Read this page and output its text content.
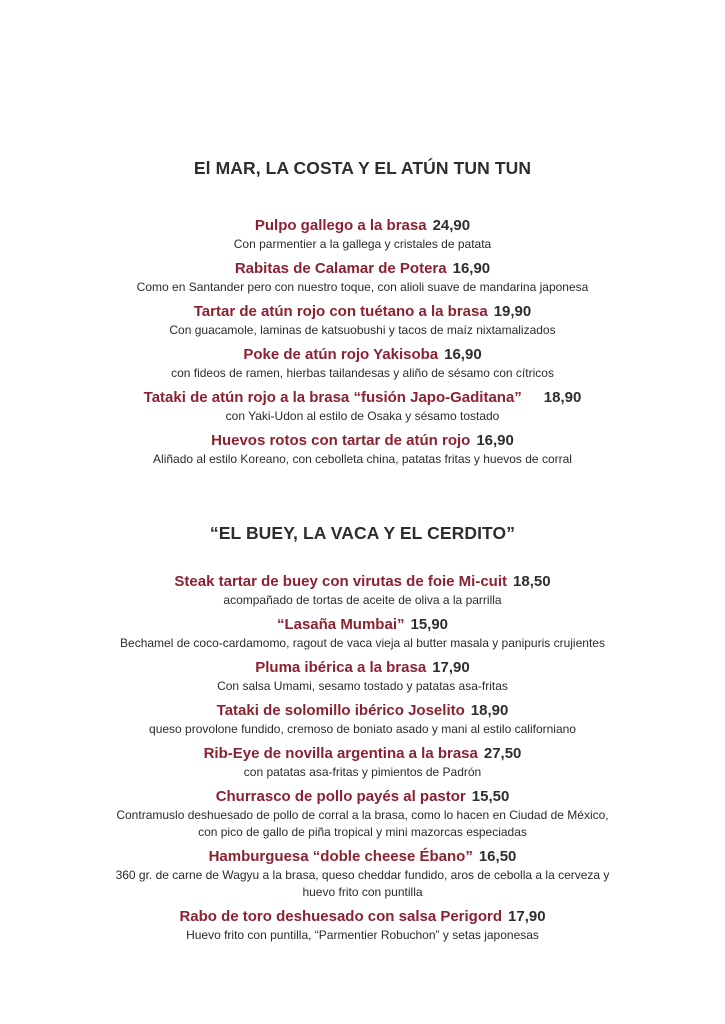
El MAR, LA COSTA Y EL ATÚN TUN TUN
Pulpo gallego a la brasa 24,90
Con parmentier a la gallega y cristales de patata
Rabitas de Calamar de Potera 16,90
Como en Santander pero con nuestro toque, con alioli suave de mandarina japonesa
Tartar de atún rojo con tuétano a la brasa 19,90
Con guacamole, laminas de katsuobushi y tacos de maíz nixtamalizados
Poke de atún rojo Yakisoba 16,90
con fideos de ramen, hierbas tailandesas y aliño de sésamo con cítricos
Tataki de atún rojo a la brasa “fusión Japo-Gaditana” 18,90
con Yaki-Udon al estilo de Osaka y sésamo tostado
Huevos rotos con tartar de atún rojo 16,90
Aliñado al estilo Koreano, con cebolleta china, patatas fritas y huevos de corral
“EL BUEY, LA VACA Y EL CERDITO”
Steak tartar de buey con virutas de foie Mi-cuit 18,50
acompañado de tortas de aceite de oliva a la parrilla
“Lasaña Mumbai” 15,90
Bechamel de coco-cardamomo, ragout de vaca vieja al butter masala y panipuris crujientes
Pluma ibérica a la brasa 17,90
Con salsa Umami, sesamo tostado y patatas asa-fritas
Tataki de solomillo ibérico Joselito 18,90
queso provolone fundido, cremoso de boniato asado y mani al estilo californiano
Rib-Eye de novilla argentina a la brasa 27,50
con patatas asa-fritas y pimientos de Padrón
Churrasco de pollo payés al pastor 15,50
Contramuslo deshuesado de pollo de corral a la brasa, como lo hacen en Ciudad de México,
con pico de gallo de piña tropical y mini mazorcas especiadas
Hamburguesa “doble cheese Ébano” 16,50
360 gr. de carne de Wagyu a la brasa, queso cheddar fundido, aros de cebolla a la cerveza y
huevo frito con puntilla
Rabo de toro deshuesado con salsa Perigord 17,90
Huevo frito con puntilla, “Parmentier Robuchon” y setas japonesas
